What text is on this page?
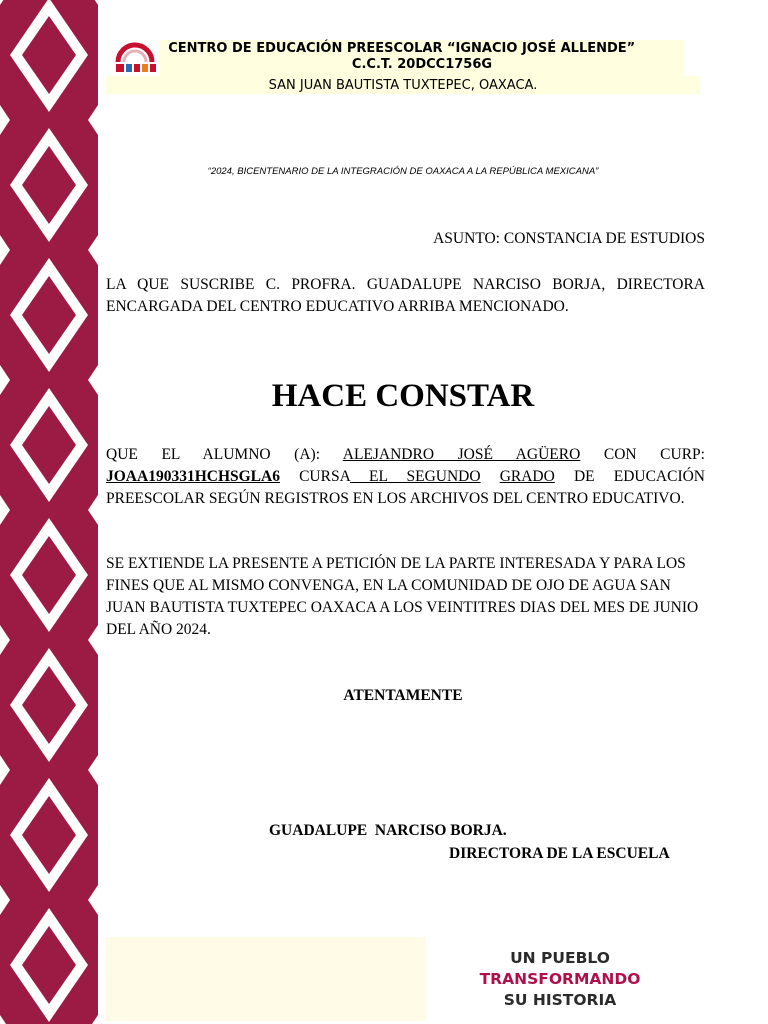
CENTRO DE EDUCACIÓN PREESCOLAR “IGNACIO JOSÉ ALLENDE”  C.C.T. 20DCC1756G
SAN JUAN BAUTISTA TUXTEPEC, OAXACA.
“2024, BICENTENARIO DE LA INTEGRACIÓN DE OAXACA A LA REPÚBLICA MEXICANA”
ASUNTO: CONSTANCIA DE ESTUDIOS
LA QUE SUSCRIBE C. PROFRA. GUADALUPE NARCISO BORJA, DIRECTORA ENCARGADA DEL CENTRO EDUCATIVO ARRIBA MENCIONADO.
HACE CONSTAR
QUE EL ALUMNO (A): ALEJANDRO JOSÉ AGÜERO CON CURP: JOAA190331HCHSGLA6 CURSA EL SEGUNDO GRADO DE EDUCACIÓN PREESCOLAR SEGÚN REGISTROS EN LOS ARCHIVOS DEL CENTRO EDUCATIVO.
SE EXTIENDE LA PRESENTE A PETICIÓN DE LA PARTE INTERESADA Y PARA LOS FINES QUE AL MISMO CONVENGA, EN LA COMUNIDAD DE OJO DE AGUA SAN JUAN BAUTISTA TUXTEPEC OAXACA A LOS VEINTITRES DIAS DEL MES DE JUNIO DEL AÑO 2024.
ATENTAMENTE
GUADALUPE  NARCISO BORJA.
DIRECTORA DE LA ESCUELA
UN PUEBLO TRANSFORMANDO
SU HISTORIA
